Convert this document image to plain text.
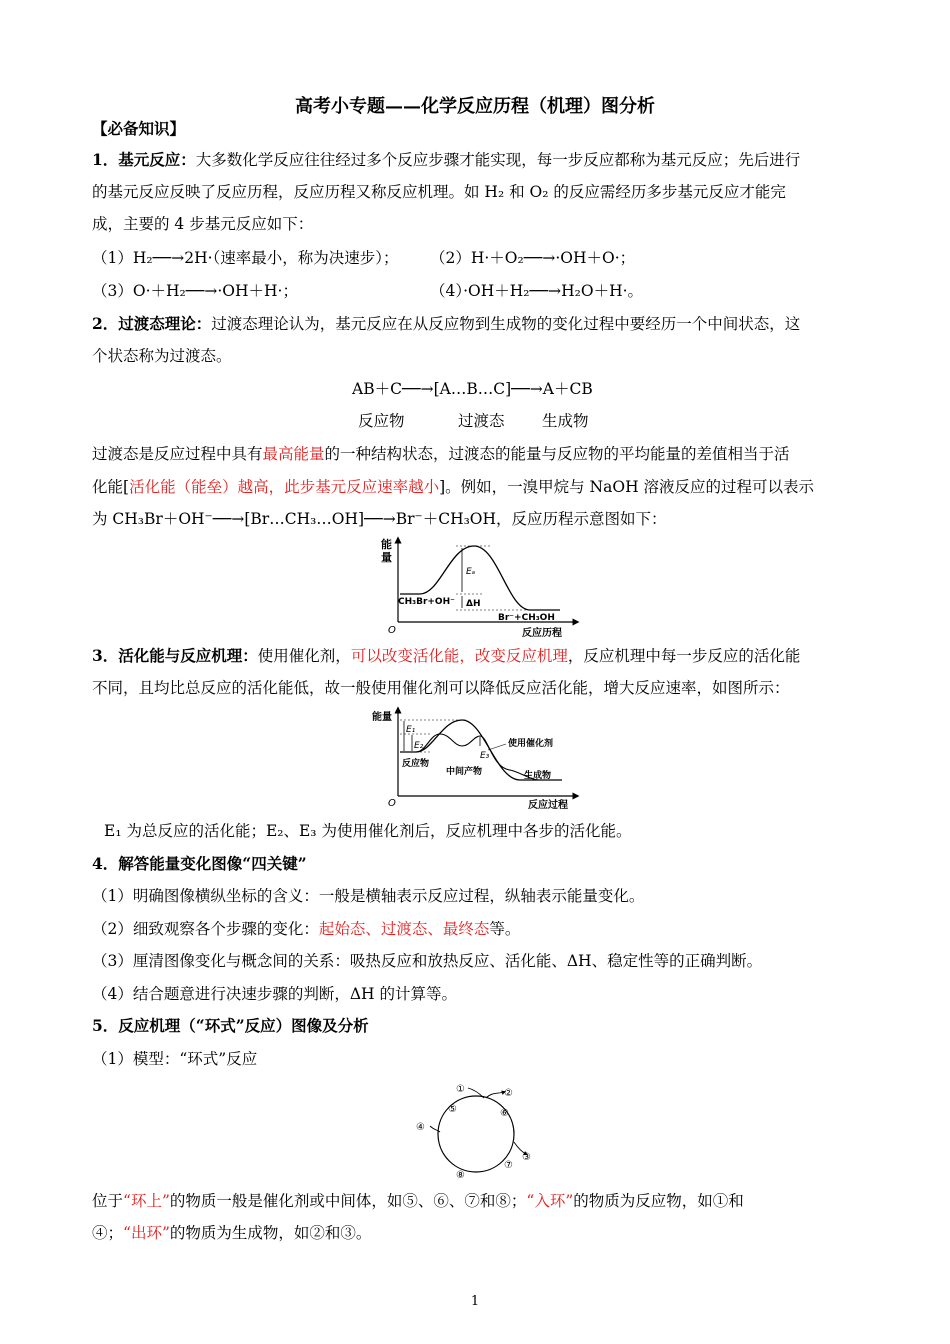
高考小专题——化学反应历程（机理）图分析
【必备知识】
1．基元反应：大多数化学反应往往经过多个反应步骤才能实现，每一步反应都称为基元反应；先后进行
的基元反应反映了反应历程，反应历程又称反应机理。如 H₂ 和 O₂ 的反应需经历多步基元反应才能完
成，主要的 4 步基元反应如下：
（1）H₂──→2H·（速率最小，称为决速步）； （2）H·＋O₂──→·OH＋O·；
（3）O·＋H₂──→·OH＋H·；	（4）·OH＋H₂──→H₂O＋H·。
2．过渡态理论：过渡态理论认为，基元反应在从反应物到生成物的变化过程中要经历一个中间状态，这
个状态称为过渡态。
AB＋C──→[A…B…C]──→A＋CB
反应物	过渡态 生成物
过渡态是反应过程中具有最高能量的一种结构状态，过渡态的能量与反应物的平均能量的差值相当于活
化能[活化能（能垒）越高，此步基元反应速率越小]。例如，一溴甲烷与 NaOH 溶液反应的过程可以表示
为 CH₃Br＋OH⁻──→[Br…CH₃…OH]──→Br⁻＋CH₃OH，反应历程示意图如下：
能
量
Eₐ
ΔH
CH₃Br+OH⁻
Br⁻+CH₃OH
O	反应历程
3．活化能与反应机理：使用催化剂，可以改变活化能，改变反应机理，反应机理中每一步反应的活化能
不同，且均比总反应的活化能低，故一般使用催化剂可以降低反应活化能，增大反应速率，如图所示：
能量
E₁
E₂
E₃
使用催化剂
反应物
中间产物	生成物
O	反应过程
E₁ 为总反应的活化能；E₂、E₃ 为使用催化剂后，反应机理中各步的活化能。
4．解答能量变化图像“四关键”
（1）明确图像横纵坐标的含义：一般是横轴表示反应过程，纵轴表示能量变化。
（2）细致观察各个步骤的变化：起始态、过渡态、最终态等。
（3）厘清图像变化与概念间的关系：吸热反应和放热反应、活化能、ΔH、稳定性等的正确判断。
（4）结合题意进行决速步骤的判断，ΔH 的计算等。
5．反应机理（“环式”反应）图像及分析
（1）模型：“环式”反应
①	②
③
④
⑤	⑥
⑦
⑧
位于“环上”的物质一般是催化剂或中间体，如⑤、⑥、⑦和⑧；“入环”的物质为反应物，如①和
④；“出环”的物质为生成物，如②和③。
1
